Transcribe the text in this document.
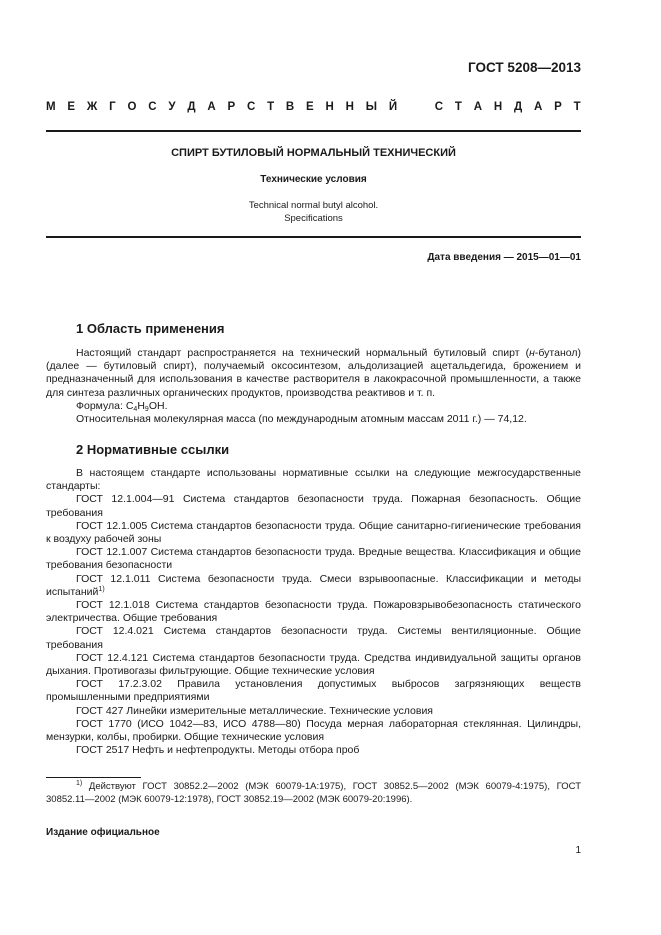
ГОСТ 5208—2013
М Е Ж Г О С У Д А Р С Т В Е Н Н Ы Й	С Т А Н Д А Р Т
СПИРТ БУТИЛОВЫЙ НОРМАЛЬНЫЙ ТЕХНИЧЕСКИЙ
Технические условия
Technical normal butyl alcohol.
Specifications
Дата введения — 2015—01—01
1 Область применения
Настоящий стандарт распространяется на технический нормальный бутиловый спирт (н-бутанол) (далее — бутиловый спирт), получаемый оксосинтезом, альдолизацией ацетальдегида, брожением и предназначенный для использования в качестве растворителя в лакокрасочной промышленности, а также для синтеза различных органических продуктов, производства реактивов и т. п.
Формула: $C_4H_9OH$.
Относительная молекулярная масса (по международным атомным массам 2011 г.) — 74,12.
2 Нормативные ссылки
В настоящем стандарте использованы нормативные ссылки на следующие межгосударственные стандарты:
ГОСТ 12.1.004—91 Система стандартов безопасности труда. Пожарная безопасность. Общие требования
ГОСТ 12.1.005 Система стандартов безопасности труда. Общие санитарно-гигиенические требования к воздуху рабочей зоны
ГОСТ 12.1.007 Система стандартов безопасности труда. Вредные вещества. Классификация и общие требования безопасности
ГОСТ 12.1.011 Система безопасности труда. Смеси взрывоопасные. Классификации и методы испытаний$^{1)}$
ГОСТ 12.1.018 Система стандартов безопасности труда. Пожаровзрывобезопасность статического электричества. Общие требования
ГОСТ 12.4.021 Система стандартов безопасности труда. Системы вентиляционные. Общие требования
ГОСТ 12.4.121 Система стандартов безопасности труда. Средства индивидуальной защиты органов дыхания. Противогазы фильтрующие. Общие технические условия
ГОСТ 17.2.3.02 Правила установления допустимых выбросов загрязняющих веществ промышленными предприятиями
ГОСТ 427 Линейки измерительные металлические. Технические условия
ГОСТ 1770 (ИСО 1042—83, ИСО 4788—80) Посуда мерная лабораторная стеклянная. Цилиндры, мензурки, колбы, пробирки. Общие технические условия
ГОСТ 2517 Нефть и нефтепродукты. Методы отбора проб
$^{1)}$ Действуют ГОСТ 30852.2—2002 (МЭК 60079-1A:1975), ГОСТ 30852.5—2002 (МЭК 60079-4:1975), ГОСТ 30852.11—2002 (МЭК 60079-12:1978), ГОСТ 30852.19—2002 (МЭК 60079-20:1996).
Издание официальное
1
